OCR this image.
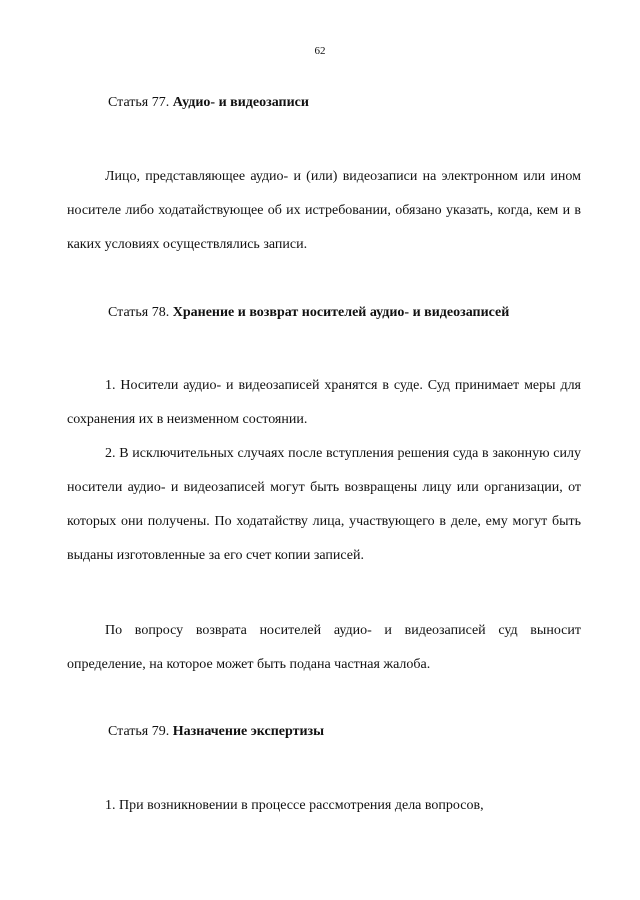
62
Статья 77. Аудио- и видеозаписи

Лицо, представляющее аудио- и (или) видеозаписи на электронном или ином носителе либо ходатайствующее об их истребовании, обязано указать, когда, кем и в каких условиях осуществлялись записи.

Статья 78. Хранение и возврат носителей аудио- и видеозаписей

1. Носители аудио- и видеозаписей хранятся в суде. Суд принимает меры для сохранения их в неизменном состоянии.

2. В исключительных случаях после вступления решения суда в законную силу носители аудио- и видеозаписей могут быть возвращены лицу или организации, от которых они получены. По ходатайству лица, участвующего в деле, ему могут быть выданы изготовленные за его счет копии записей.

По вопросу возврата носителей аудио- и видеозаписей суд выносит определение, на которое может быть подана частная жалоба.

Статья 79. Назначение экспертизы

1. При возникновении в процессе рассмотрения дела вопросов,
